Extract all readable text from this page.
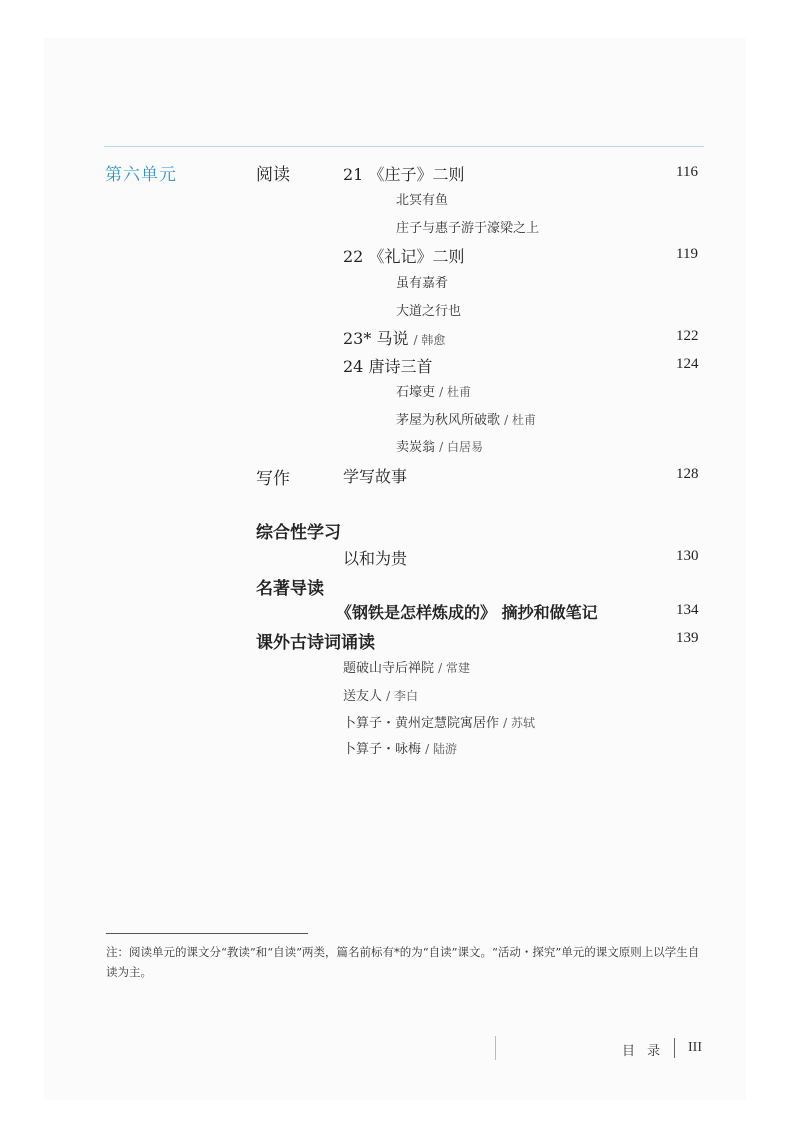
第六单元	阅读	21 《庄子》二则	116
北冥有鱼
庄子与惠子游于濠梁之上
22 《礼记》二则	119
虽有嘉肴
大道之行也
23* 马说 / 韩愈	122
24 唐诗三首	124
石壕吏 / 杜甫
茅屋为秋风所破歌 / 杜甫
卖炭翁 / 白居易
写作	学写故事	128
综合性学习
以和为贵	130
名著导读
《钢铁是怎样炼成的》 摘抄和做笔记	134
课外古诗词诵读	139
题破山寺后禅院 / 常建
送友人 / 李白
卜算子・黄州定慧院寓居作 / 苏轼
卜算子・咏梅 / 陆游
注：阅读单元的课文分“教读”和“自读”两类，篇名前标有*的为“自读”课文。“活动・探究”单元的课文原则上以学生自读为主。
目 录 III
